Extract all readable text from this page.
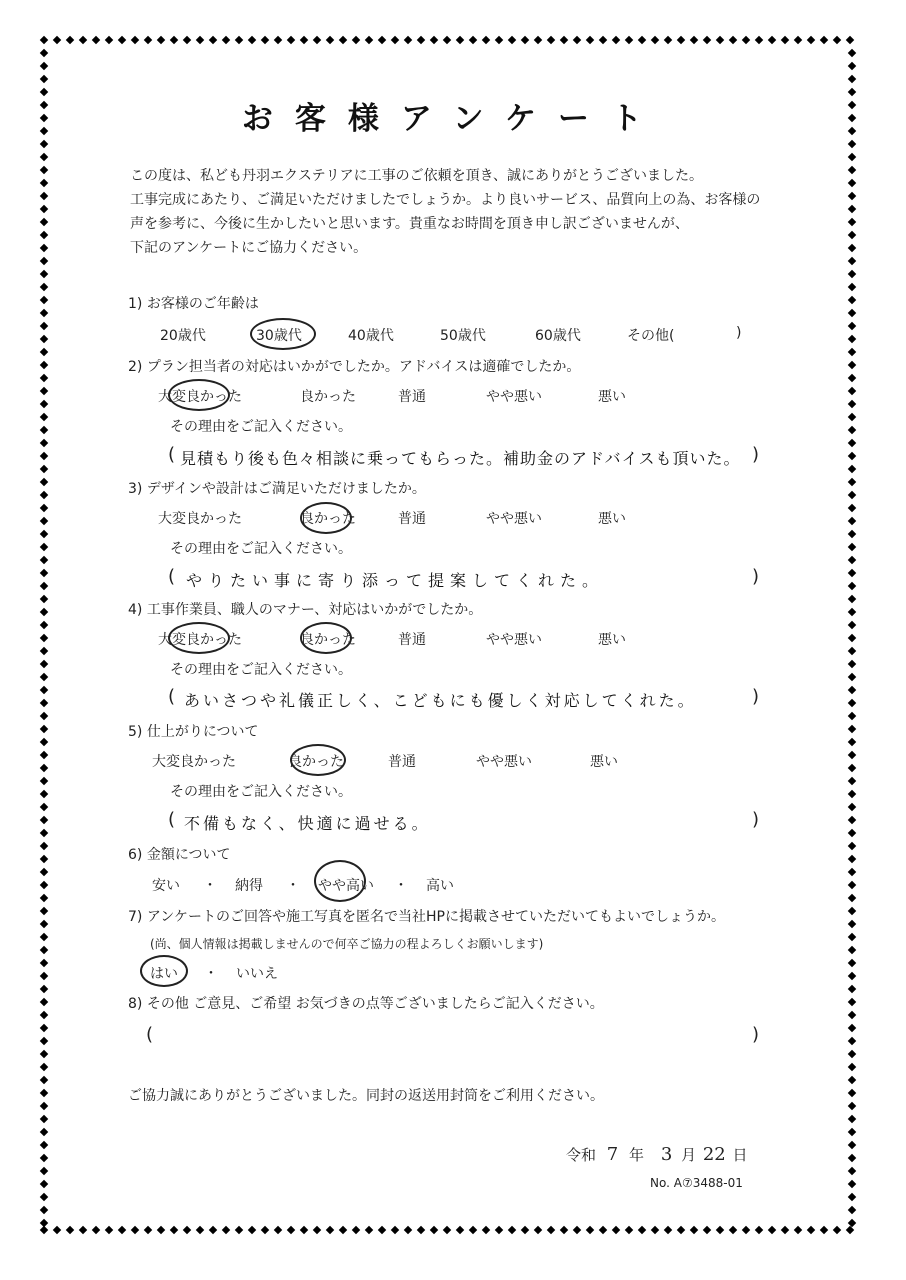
お客様アンケート
この度は、私ども丹羽エクステリアに工事のご依頼を頂き、誠にありがとうございました。
工事完成にあたり、ご満足いただけましたでしょうか。より良いサービス、品質向上の為、お客様の
声を参考に、今後に生かしたいと思います。貴重なお時間を頂き申し訳ございませんが、
下記のアンケートにご協力ください。
1) お客様のご年齢は
20歳代	30歳代	40歳代	50歳代	60歳代	その他(	)
2) プラン担当者の対応はいかがでしたか。アドバイスは適確でしたか。
大変良かった	良かった	普通	やや悪い	悪い
その理由をご記入ください。
( 見積もり後も色々相談に乗ってもらった。補助金のアドバイスも頂いた。 )
3) デザインや設計はご満足いただけましたか。
大変良かった	良かった	普通	やや悪い	悪い
その理由をご記入ください。
( やりたい事に寄り添って提案してくれた。	)
4) 工事作業員、職人のマナー、対応はいかがでしたか。
大変良かった	良かった	普通	やや悪い	悪い
その理由をご記入ください。
( あいさつや礼儀正しく、こどもにも優しく対応してくれた。	)
5) 仕上がりについて
大変良かった	良かった	普通	やや悪い	悪い
その理由をご記入ください。
( 不備もなく、快適に過せる。	)
6) 金額について
安い ・ 納得 ・ やや高い ・ 高い
7) アンケートのご回答や施工写真を匿名で当社HPに掲載させていただいてもよいでしょうか。
(尚、個人情報は掲載しませんので何卒ご協力の程よろしくお願いします)
はい ・ いいえ
8) その他 ご意見、ご希望 お気づきの点等ございましたらご記入ください。
(	)
ご協力誠にありがとうございました。同封の返送用封筒をご利用ください。
令和 7 年 3 月 22 日
No. A⑦3488-01
